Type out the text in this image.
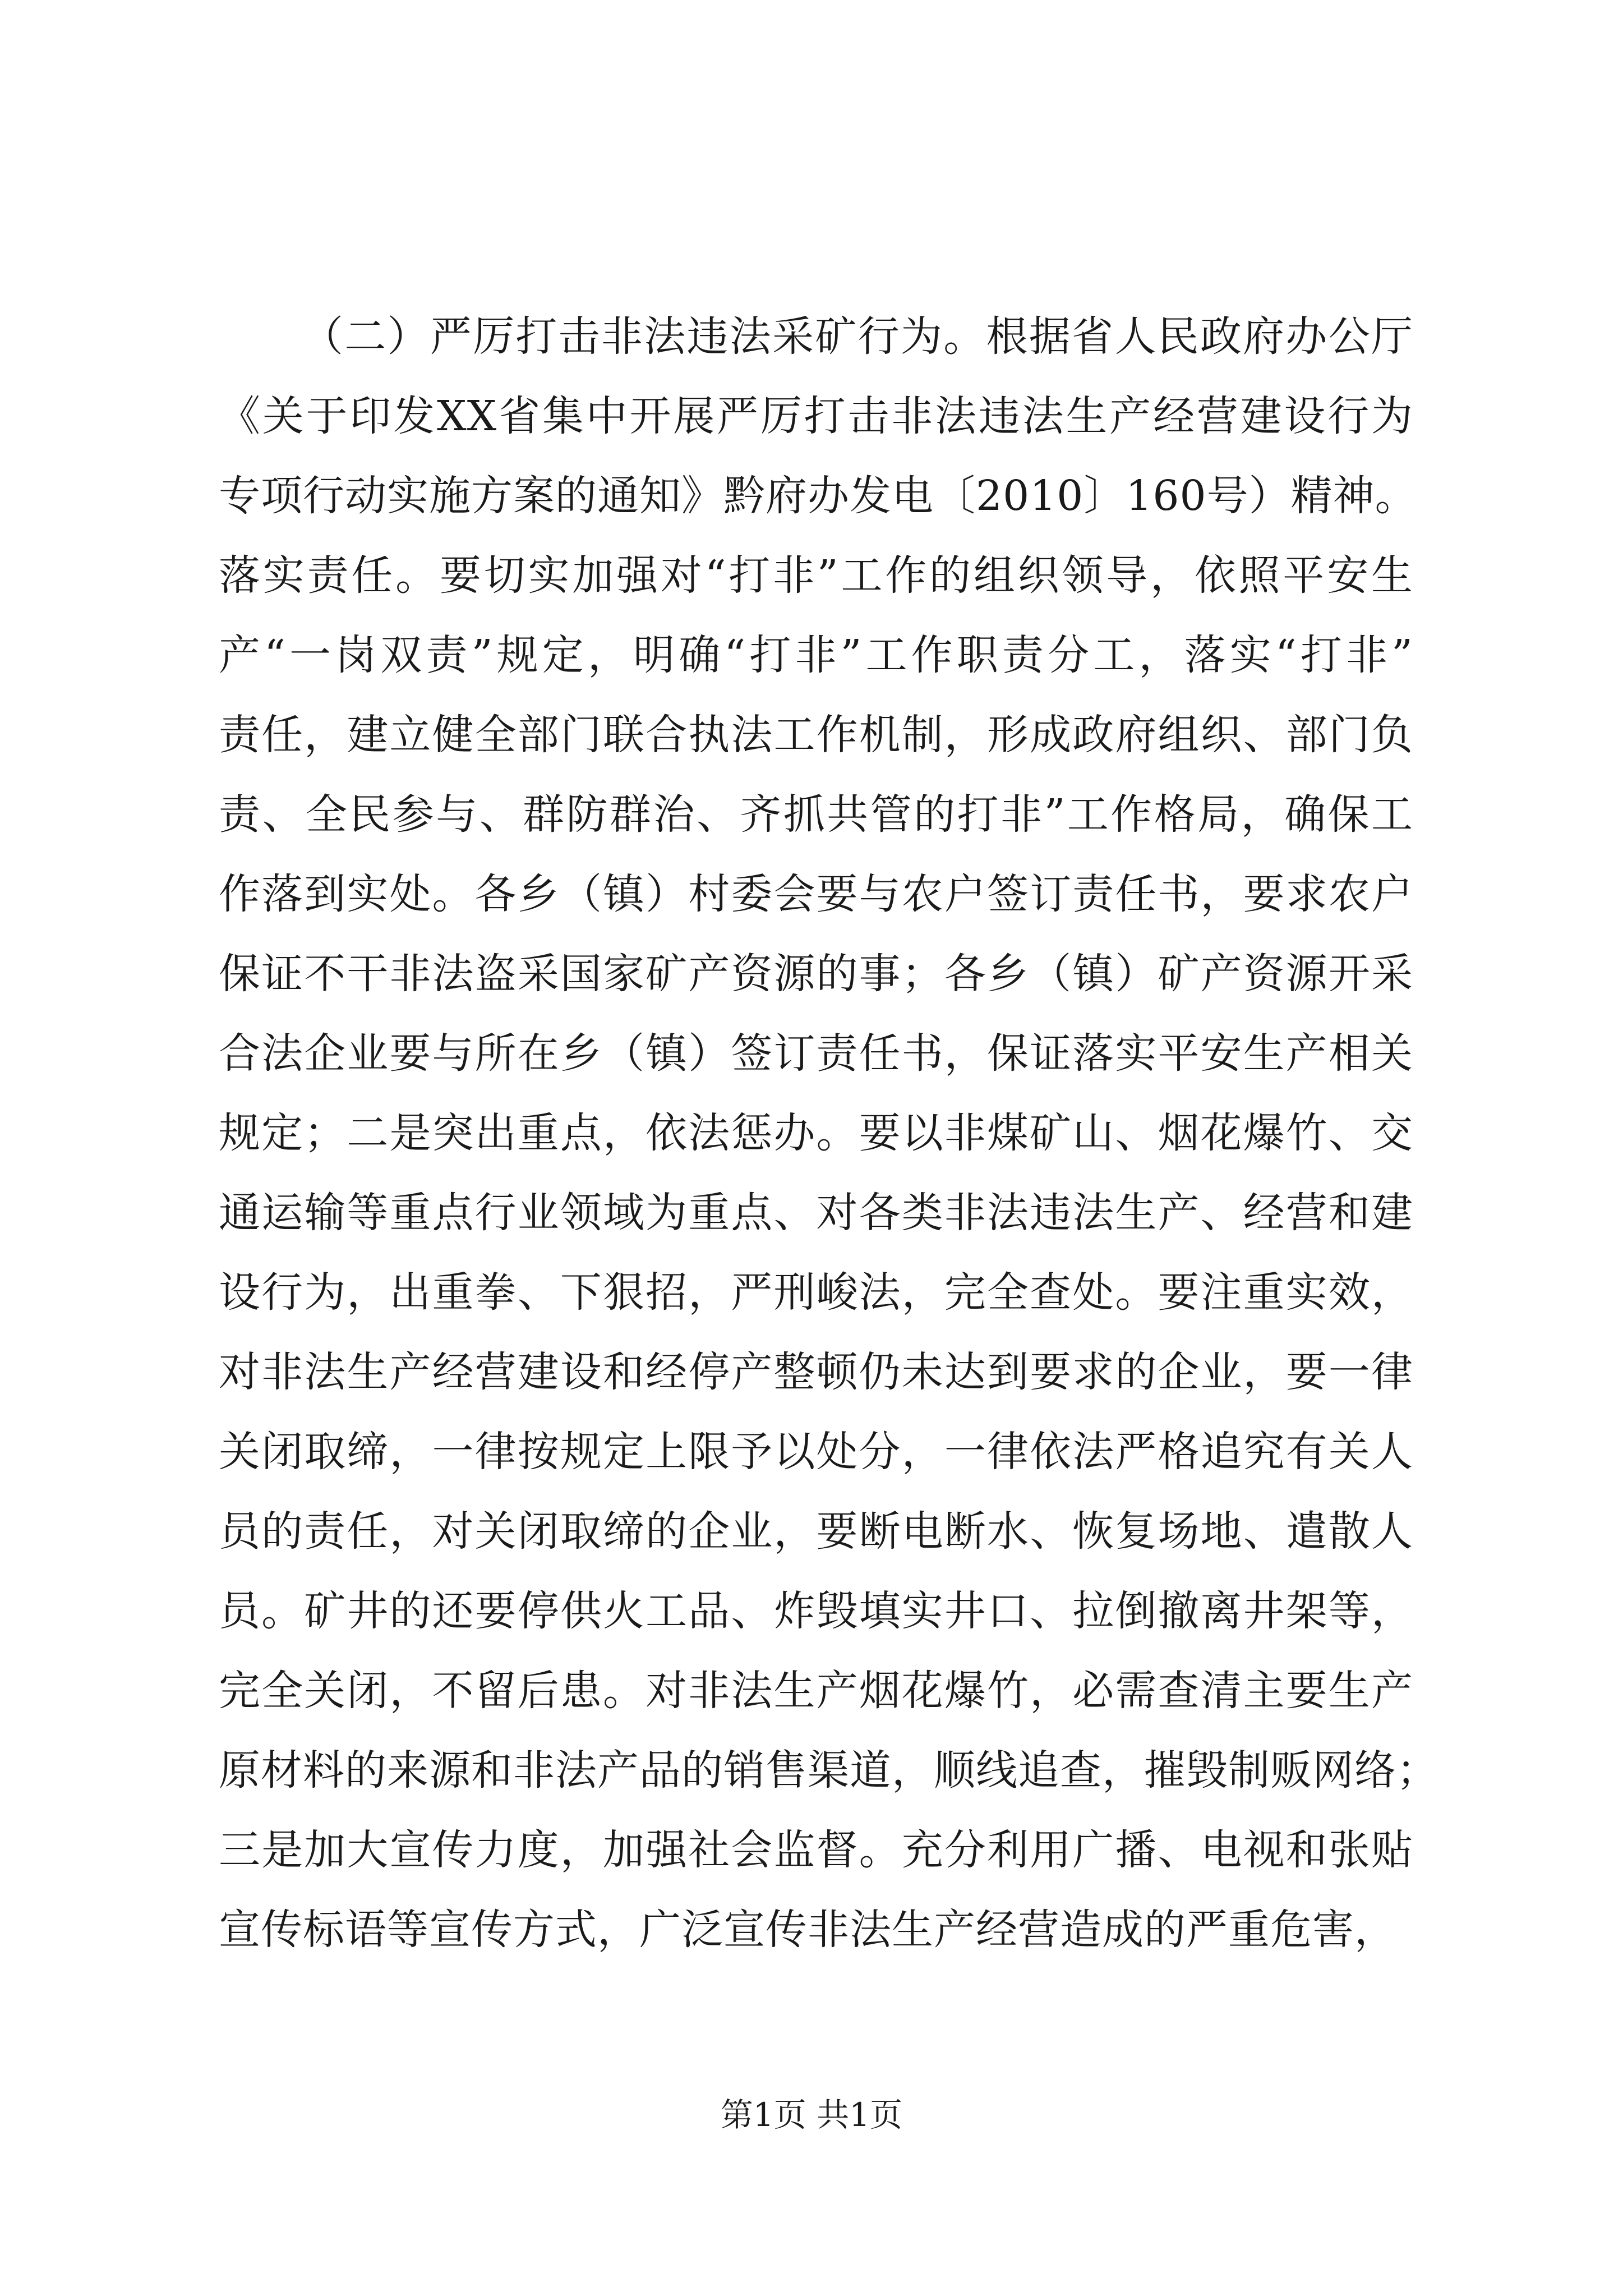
（二）严厉打击非法违法采矿行为。根据省人民政府办公厅
《关于印发XX省集中开展严厉打击非法违法生产经营建设行为
专项行动实施方案的通知》黔府办发电〔2010〕160号）精神。
落实责任。要切实加强对“打非”工作的组织领导，依照平安生
产“一岗双责”规定，明确“打非”工作职责分工，落实“打非”
责任，建立健全部门联合执法工作机制，形成政府组织、部门负
责、全民参与、群防群治、齐抓共管的打非”工作格局，确保工
作落到实处。各乡（镇）村委会要与农户签订责任书，要求农户
保证不干非法盗采国家矿产资源的事；各乡（镇）矿产资源开采
合法企业要与所在乡（镇）签订责任书，保证落实平安生产相关
规定；二是突出重点，依法惩办。要以非煤矿山、烟花爆竹、交
通运输等重点行业领域为重点、对各类非法违法生产、经营和建
设行为，出重拳、下狠招，严刑峻法，完全查处。要注重实效，
对非法生产经营建设和经停产整顿仍未达到要求的企业，要一律
关闭取缔，一律按规定上限予以处分，一律依法严格追究有关人
员的责任，对关闭取缔的企业，要断电断水、恢复场地、遣散人
员。矿井的还要停供火工品、炸毁填实井口、拉倒撤离井架等，
完全关闭，不留后患。对非法生产烟花爆竹，必需查清主要生产
原材料的来源和非法产品的销售渠道，顺线追查，摧毁制贩网络；
三是加大宣传力度，加强社会监督。充分利用广播、电视和张贴
宣传标语等宣传方式，广泛宣传非法生产经营造成的严重危害，
第1页 共1页
